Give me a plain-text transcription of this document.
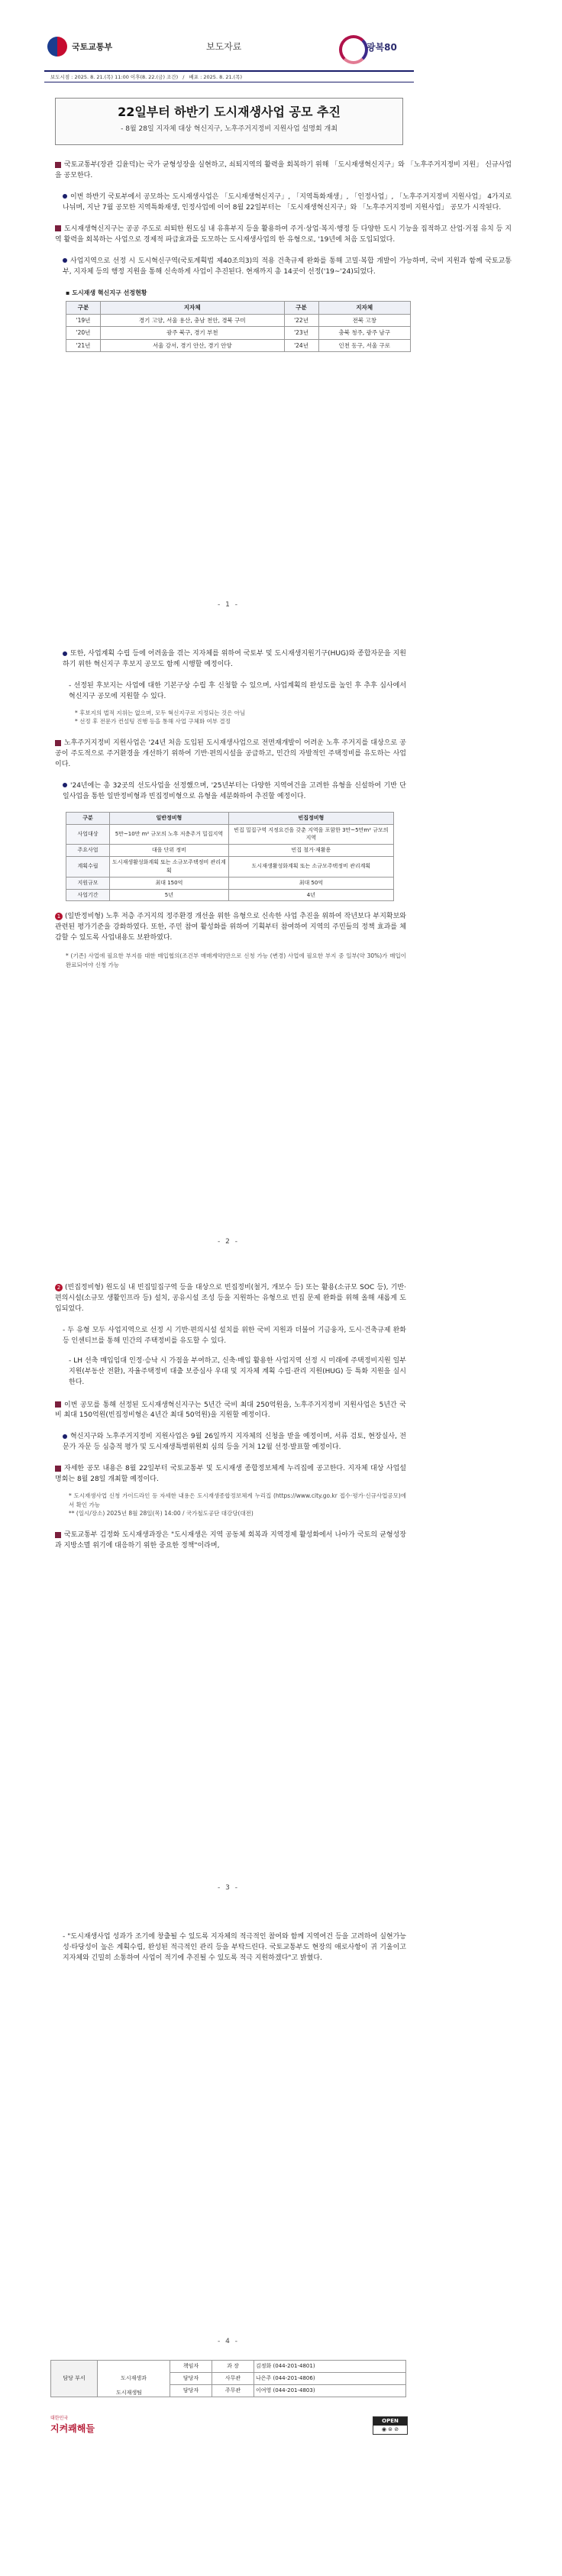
국토교통부	보도자료	광복80
보도시점 : 2025. 8. 21.(목) 11:00 이후(8. 22.(금) 조간) / 배포 : 2025. 8. 21.(목)
22일부터 하반기 도시재생사업 공모 추진
- 8월 28일 지자체 대상 혁신지구, 노후주거지정비 지원사업 설명회 개최

국토교통부(장관 김윤덕)는 국가 균형성장을 실현하고, 쇠퇴지역의 활력을 회복하기 위해 「도시재생혁신지구」와 「노후주거지정비 지원」 신규사업을 공모한다.

이번 하반기 국토부에서 공모하는 도시재생사업은 「도시재생혁신지구」, 「지역특화재생」, 「인정사업」, 「노후주거지정비 지원사업」 4가지로 나뉘며, 지난 7월 공모한 지역특화재생, 인정사업에 이어 8월 22일부터는 「도시재생혁신지구」와 「노후주거지정비 지원사업」 공모가 시작된다.

도시재생혁신지구는 공공 주도로 쇠퇴한 원도심 내 유휴부지 등을 활용하여 주거·상업·복지·행정 등 다양한 도시 기능을 집적하고 산업·거점 유치 등 지역 활력을 회복하는 사업으로 경제적 파급효과를 도모하는 도시재생사업의 한 유형으로, '19년에 처음 도입되었다.

사업지역으로 선정 시 도시혁신구역(국토계획법 제40조의3)의 적용 건축규제 완화를 통해 고밀·복합 개발이 가능하며, 국비 지원과 함께 국토교통부, 지자체 등의 행정 지원을 통해 신속하게 사업이 추진된다. 현재까지 총 14곳이 선정('19~'24)되었다.

▪ 도시재생 혁신지구 선정현황
구분	지자체	구분	지자체
'19년	경기 고양, 서울 용산, 충남 천안, 경북 구미	'22년	전북 고창
'20년	광주 북구, 경기 부천	'23년	충북 청주, 광주 남구
'21년	서울 강서, 경기 안산, 경기 안양	'24년	인천 동구, 서울 구로
- 1 -

또한, 사업계획 수립 등에 어려움을 겪는 지자체를 위하여 국토부 및 도시재생지원기구(HUG)와 종합자문을 지원하기 위한 혁신지구 후보지 공모도 함께 시행할 예정이다.

- 선정된 후보지는 사업에 대한 기본구상 수립 후 신청할 수 있으며, 사업계획의 완성도를 높인 후 추후 심사에서 혁신지구 공모에 지원할 수 있다.

* 후보지의 법적 지위는 없으며, 모두 혁신지구로 지정되는 것은 아님

* 선정 후 전문가 컨설팅 진행 등을 통해 사업 구체화 여부 결정

노후주거지정비 지원사업은 '24년 처음 도입된 도시재생사업으로 전면재개발이 어려운 노후 주거지를 대상으로 공공이 주도적으로 주거환경을 개선하기 위하여 기반·편의시설을 공급하고, 민간의 자발적인 주택정비를 유도하는 사업이다.

'24년에는 총 32곳의 선도사업을 선정했으며, '25년부터는 다양한 지역여건을 고려한 유형을 신설하여 기반 단일사업을 통한 일반정비형과 빈집정비형으로 유형을 세분화하여 추진할 예정이다.

구분	일반정비형	빈집정비형
사업대상	5만~10만 m² 규모의 노후 저층주거 밀집지역	빈집 밀집구역 지정요건을 갖춘 지역을 포함한 3만~5만m² 규모의 지역
주요사업	대을 단위 정비	빈집 철거·재활용
계획수립	도시재생활성화계획 또는 소규모주택정비 관리계획	도시재생활성화계획 또는 소규모주택정비 관리계획
지원규모	최대 150억	최대 50억
사업기간	5년	4년

1 (일반정비형) 노후 저층 주거지의 정주환경 개선을 위한 유형으로 신속한 사업 추진을 위하여 작년보다 부지확보와 관련된 평가기준을 강화하였다. 또한, 주민 참여 활성화를 위하여 기획부터 참여하여 지역의 주민들의 정책 효과를 체감할 수 있도록 사업내용도 보완하였다.

* (기존) 사업에 필요한 부지를 대한 매입협의(조건부 매매계약)만으로 신청 가능 (변경) 사업에 필요한 부지 중 일부(약 30%)가 매입이 완료되어야 신청 가능

- 2 -

2 (빈집정비형) 원도심 내 빈집밀집구역 등을 대상으로 빈집정비(철거, 개보수 등) 또는 활용(소규모 SOC 등), 기반·편의시설(소규모 생활인프라 등) 설치, 공유시설 조성 등을 지원하는 유형으로 빈집 문제 완화를 위해 올해 새롭게 도입되었다.

- 두 유형 모두 사업지역으로 선정 시 기반·편의시설 설치를 위한 국비 지원과 더불어 기금융자, 도시·건축규제 완화 등 인센티브를 통해 민간의 주택정비를 유도할 수 있다.

- LH 선축 매입임대 인정·승낙 시 가점을 부여하고, 신축·매입 활용한 사업지역 선정 시 미래에 주택정비지원 일부 지원(부동산 전환), 자율주택정비 대출 보증심사 우대 및 지자체 계획 수립·관리 지원(HUG) 등 특화 지원을 실시한다.

이번 공모를 통해 선정된 도시재생혁신지구는 5년간 국비 최대 250억원을, 노후주거지정비 지원사업은 5년간 국비 최대 150억원(빈집정비형은 4년간 최대 50억원)을 지원할 예정이다.

혁신지구와 노후주거지정비 지원사업은 9월 26일까지 지자체의 신청을 받을 예정이며, 서류 검토, 현장실사, 전문가 자문 등 심층적 평가 및 도시재생특별위원회 심의 등을 거쳐 12월 선정·발표할 예정이다.

자세한 공모 내용은 8월 22일부터 국토교통부 및 도시재생 종합정보체계 누리집에 공고한다. 지자체 대상 사업설명회는 8월 28일 개최할 예정이다.

* 도시재생사업 신청 가이드라인 등 자세한 내용은 도시재생종합정보체계 누리집 (https://www.city.go.kr 접수·평가·신규사업공모)에서 확인 가능

** (일시/장소) 2025년 8월 28일(목) 14:00 / 국가철도공단 대강당(대전)

국토교통부 김정화 도시재생과장은 "도시재생은 지역 공동체 회복과 지역경제 활성화에서 나아가 국토의 균형성장과 지방소멸 위기에 대응하기 위한 중요한 정책"이라며,

- 3 -

- "도시재생사업 성과가 조기에 창출될 수 있도록 지자체의 적극적인 참여와 함께 지역여건 등을 고려하여 실현가능성·타당성이 높은 계획수립, 완성된 적극적인 관리 등을 부탁드린다. 국토교통부도 현장의 애로사항이 귀 기울이고 지자체와 긴밀히 소통하여 사업이 적기에 추진될 수 있도록 적극 지원하겠다"고 밝혔다.

담당 부서	도시재생과	책임자	과 장	김정화 (044-201-4801)
		담당자	사무관	나은주 (044-201-4806)
		담당자	주무관	이여영 (044-201-4803)
도시재생팀
대한민국
지켜쾌해들
OPEN
◉ ⊜ ⊘
- 4 -
